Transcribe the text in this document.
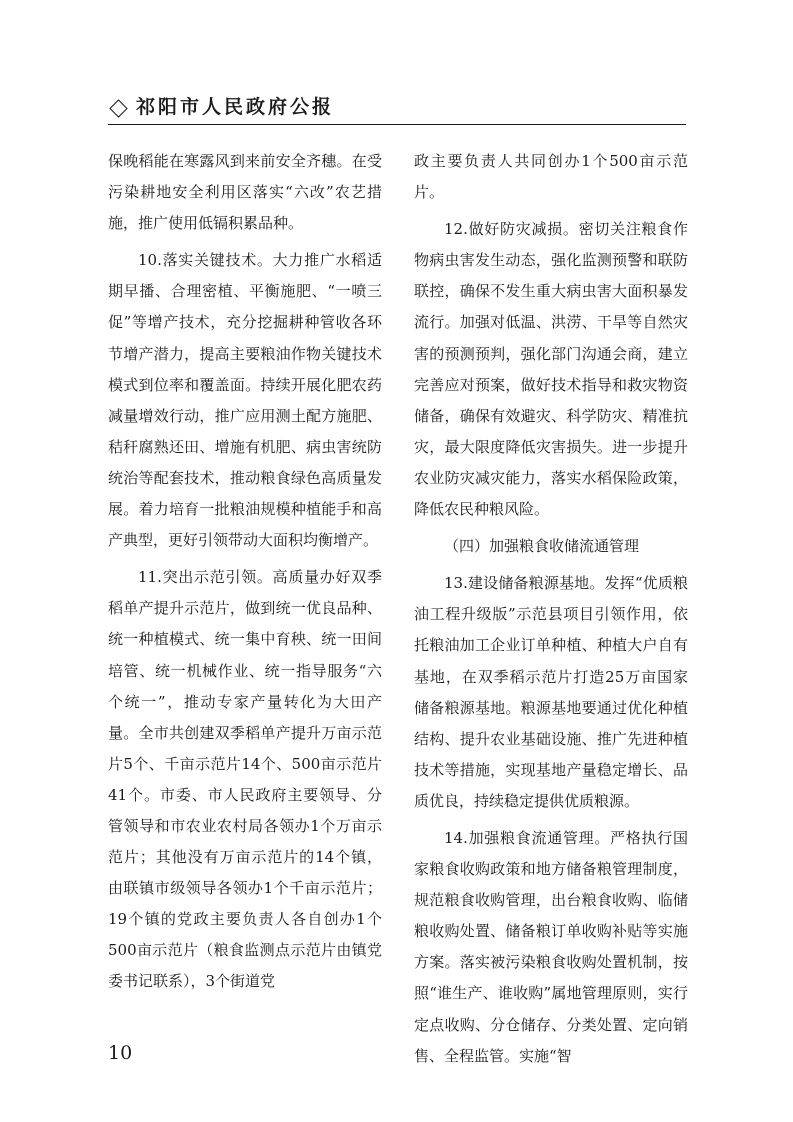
祁阳市人民政府公报

保晚稻能在寒露风到来前安全齐穗。在受污染耕地安全利用区落实“六改”农艺措施，推广使用低镉积累品种。

10.落实关键技术。大力推广水稻适期早播、合理密植、平衡施肥、“一喷三促”等增产技术，充分挖掘耕种管收各环节增产潜力，提高主要粮油作物关键技术模式到位率和覆盖面。持续开展化肥农药减量增效行动，推广应用测土配方施肥、秸秆腐熟还田、增施有机肥、病虫害统防统治等配套技术，推动粮食绿色高质量发展。着力培育一批粮油规模种植能手和高产典型，更好引领带动大面积均衡增产。

11.突出示范引领。高质量办好双季稻单产提升示范片，做到统一优良品种、统一种植模式、统一集中育秧、统一田间培管、统一机械作业、统一指导服务“六个统一”，推动专家产量转化为大田产量。全市共创建双季稻单产提升万亩示范片5个、千亩示范片14个、500亩示范片41个。市委、市人民政府主要领导、分管领导和市农业农村局各领办1个万亩示范片；其他没有万亩示范片的14个镇，由联镇市级领导各领办1个千亩示范片；19个镇的党政主要负责人各自创办1个500亩示范片（粮食监测点示范片由镇党委书记联系），3个街道党

政主要负责人共同创办1个500亩示范片。

12.做好防灾减损。密切关注粮食作物病虫害发生动态，强化监测预警和联防联控，确保不发生重大病虫害大面积暴发流行。加强对低温、洪涝、干旱等自然灾害的预测预判，强化部门沟通会商，建立完善应对预案，做好技术指导和救灾物资储备，确保有效避灾、科学防灾、精准抗灾，最大限度降低灾害损失。进一步提升农业防灾减灾能力，落实水稻保险政策，降低农民种粮风险。

（四）加强粮食收储流通管理

13.建设储备粮源基地。发挥“优质粮油工程升级版”示范县项目引领作用，依托粮油加工企业订单种植、种植大户自有基地，在双季稻示范片打造25万亩国家储备粮源基地。粮源基地要通过优化种植结构、提升农业基础设施、推广先进种植技术等措施，实现基地产量稳定增长、品质优良，持续稳定提供优质粮源。

14.加强粮食流通管理。严格执行国家粮食收购政策和地方储备粮管理制度，规范粮食收购管理，出台粮食收购、临储粮收购处置、储备粮订单收购补贴等实施方案。落实被污染粮食收购处置机制，按照“谁生产、谁收购”属地管理原则，实行定点收购、分仓储存、分类处置、定向销售、全程监管。实施“智

10
